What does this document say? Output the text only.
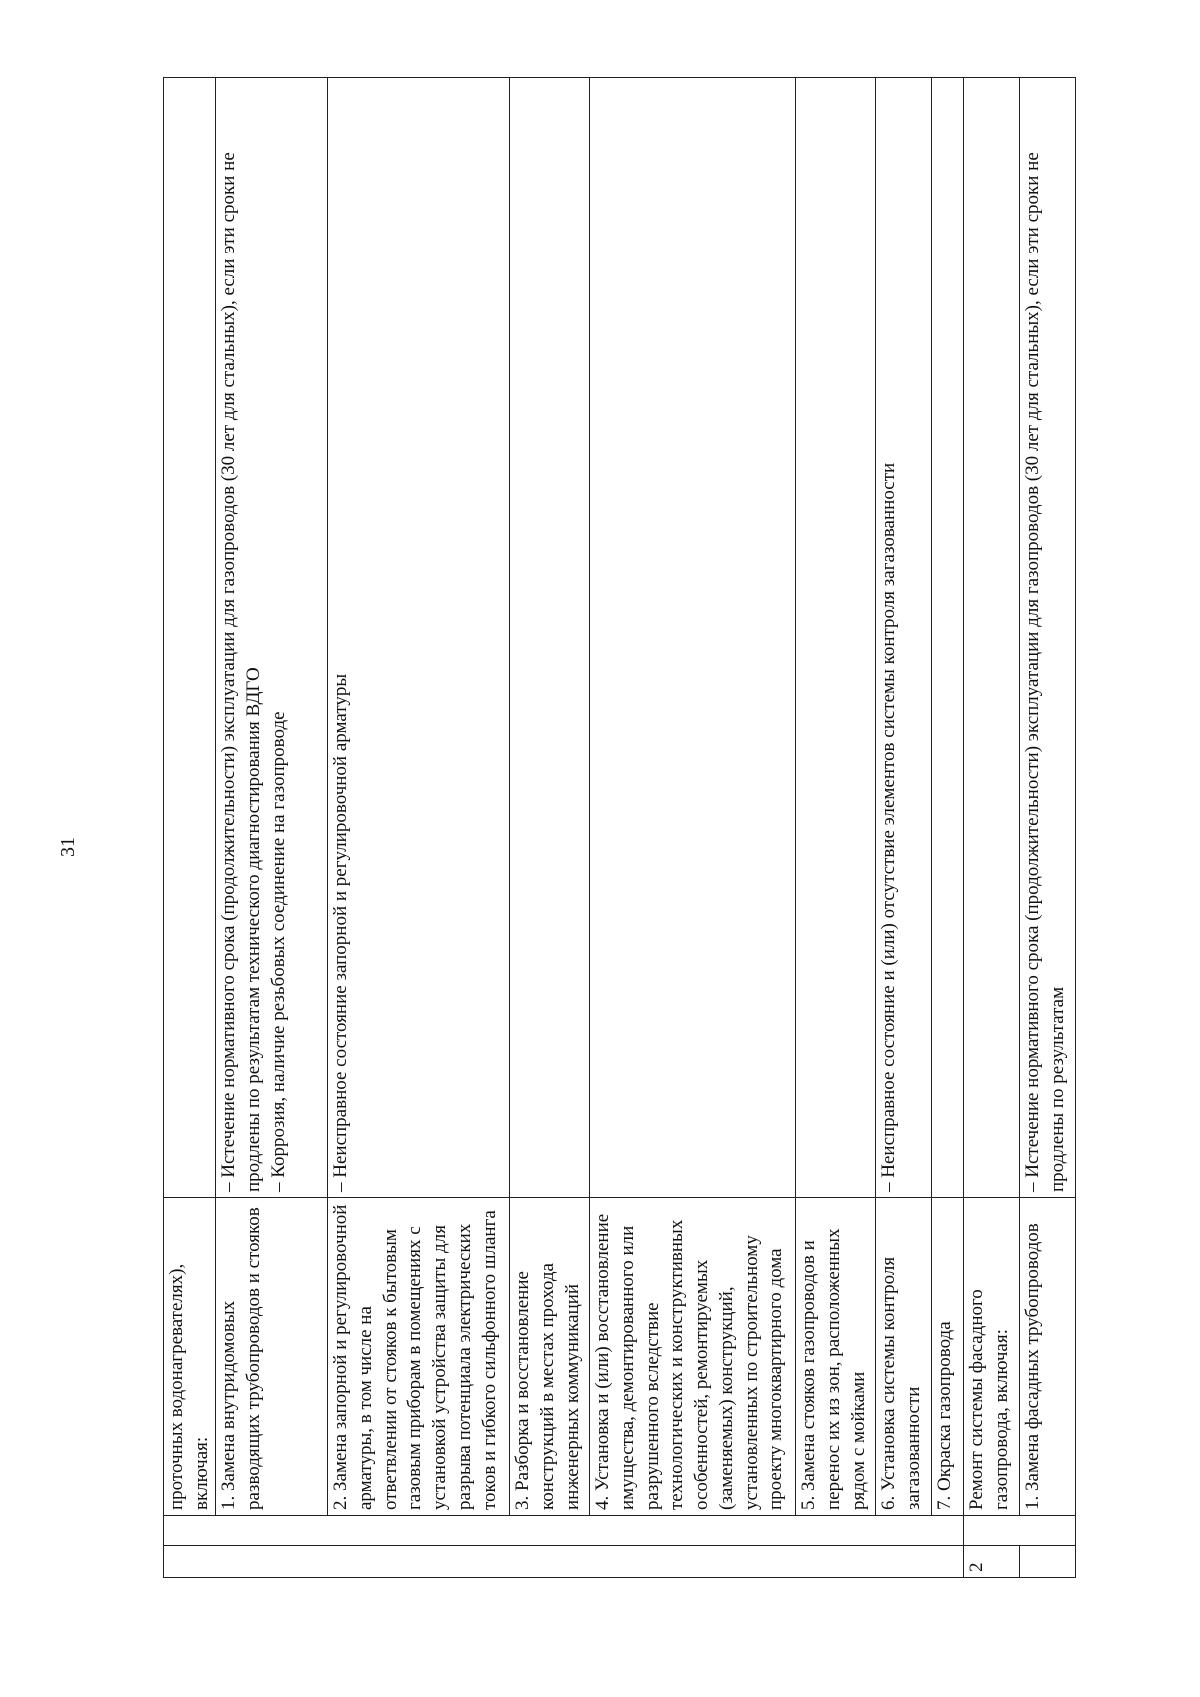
31
		проточных водонагревателях), включая:	
		1. Замена внутридомовых разводящих трубопроводов и стояков	– Истечение нормативного срока (продолжительности) эксплуатации для газопроводов (30 лет для стальных), если эти сроки не продлены по результатам технического диагностирования ВДГО – Коррозия, наличие резьбовых соединение на газопроводе

		2. Замена запорной и регулировочной арматуры, в том числе на ответвлении от стояков к бытовым газовым приборам в помещениях с установкой устройства защиты для разрыва потенциала электрических токов и гибкого сильфонного шланга	– Неисправное состояние запорной и регулировочной арматуры

		3. Разборка и восстановление конструкций в местах прохода инженерных коммуникаций	
		4. Установка и (или) восстановление имущества, демонтированного или разрушенного вследствие технологических и конструктивных особенностей, ремонтируемых (заменяемых) конструкций, установленных по строительному проекту многоквартирного дома	
		5. Замена стояков газопроводов и перенос их из зон, расположенных рядом с мойками	
		6. Установка системы контроля загазованности	– Неисправное состояние и (или) отсутствие элементов системы контроля загазованности

		7. Окраска газопровода	
2		Ремонт системы фасадного газопровода, включая:	
		1. Замена фасадных трубопроводов	– Истечение нормативного срока (продолжительности) эксплуатации для газопроводов (30 лет для стальных), если эти сроки не продлены по результатам
